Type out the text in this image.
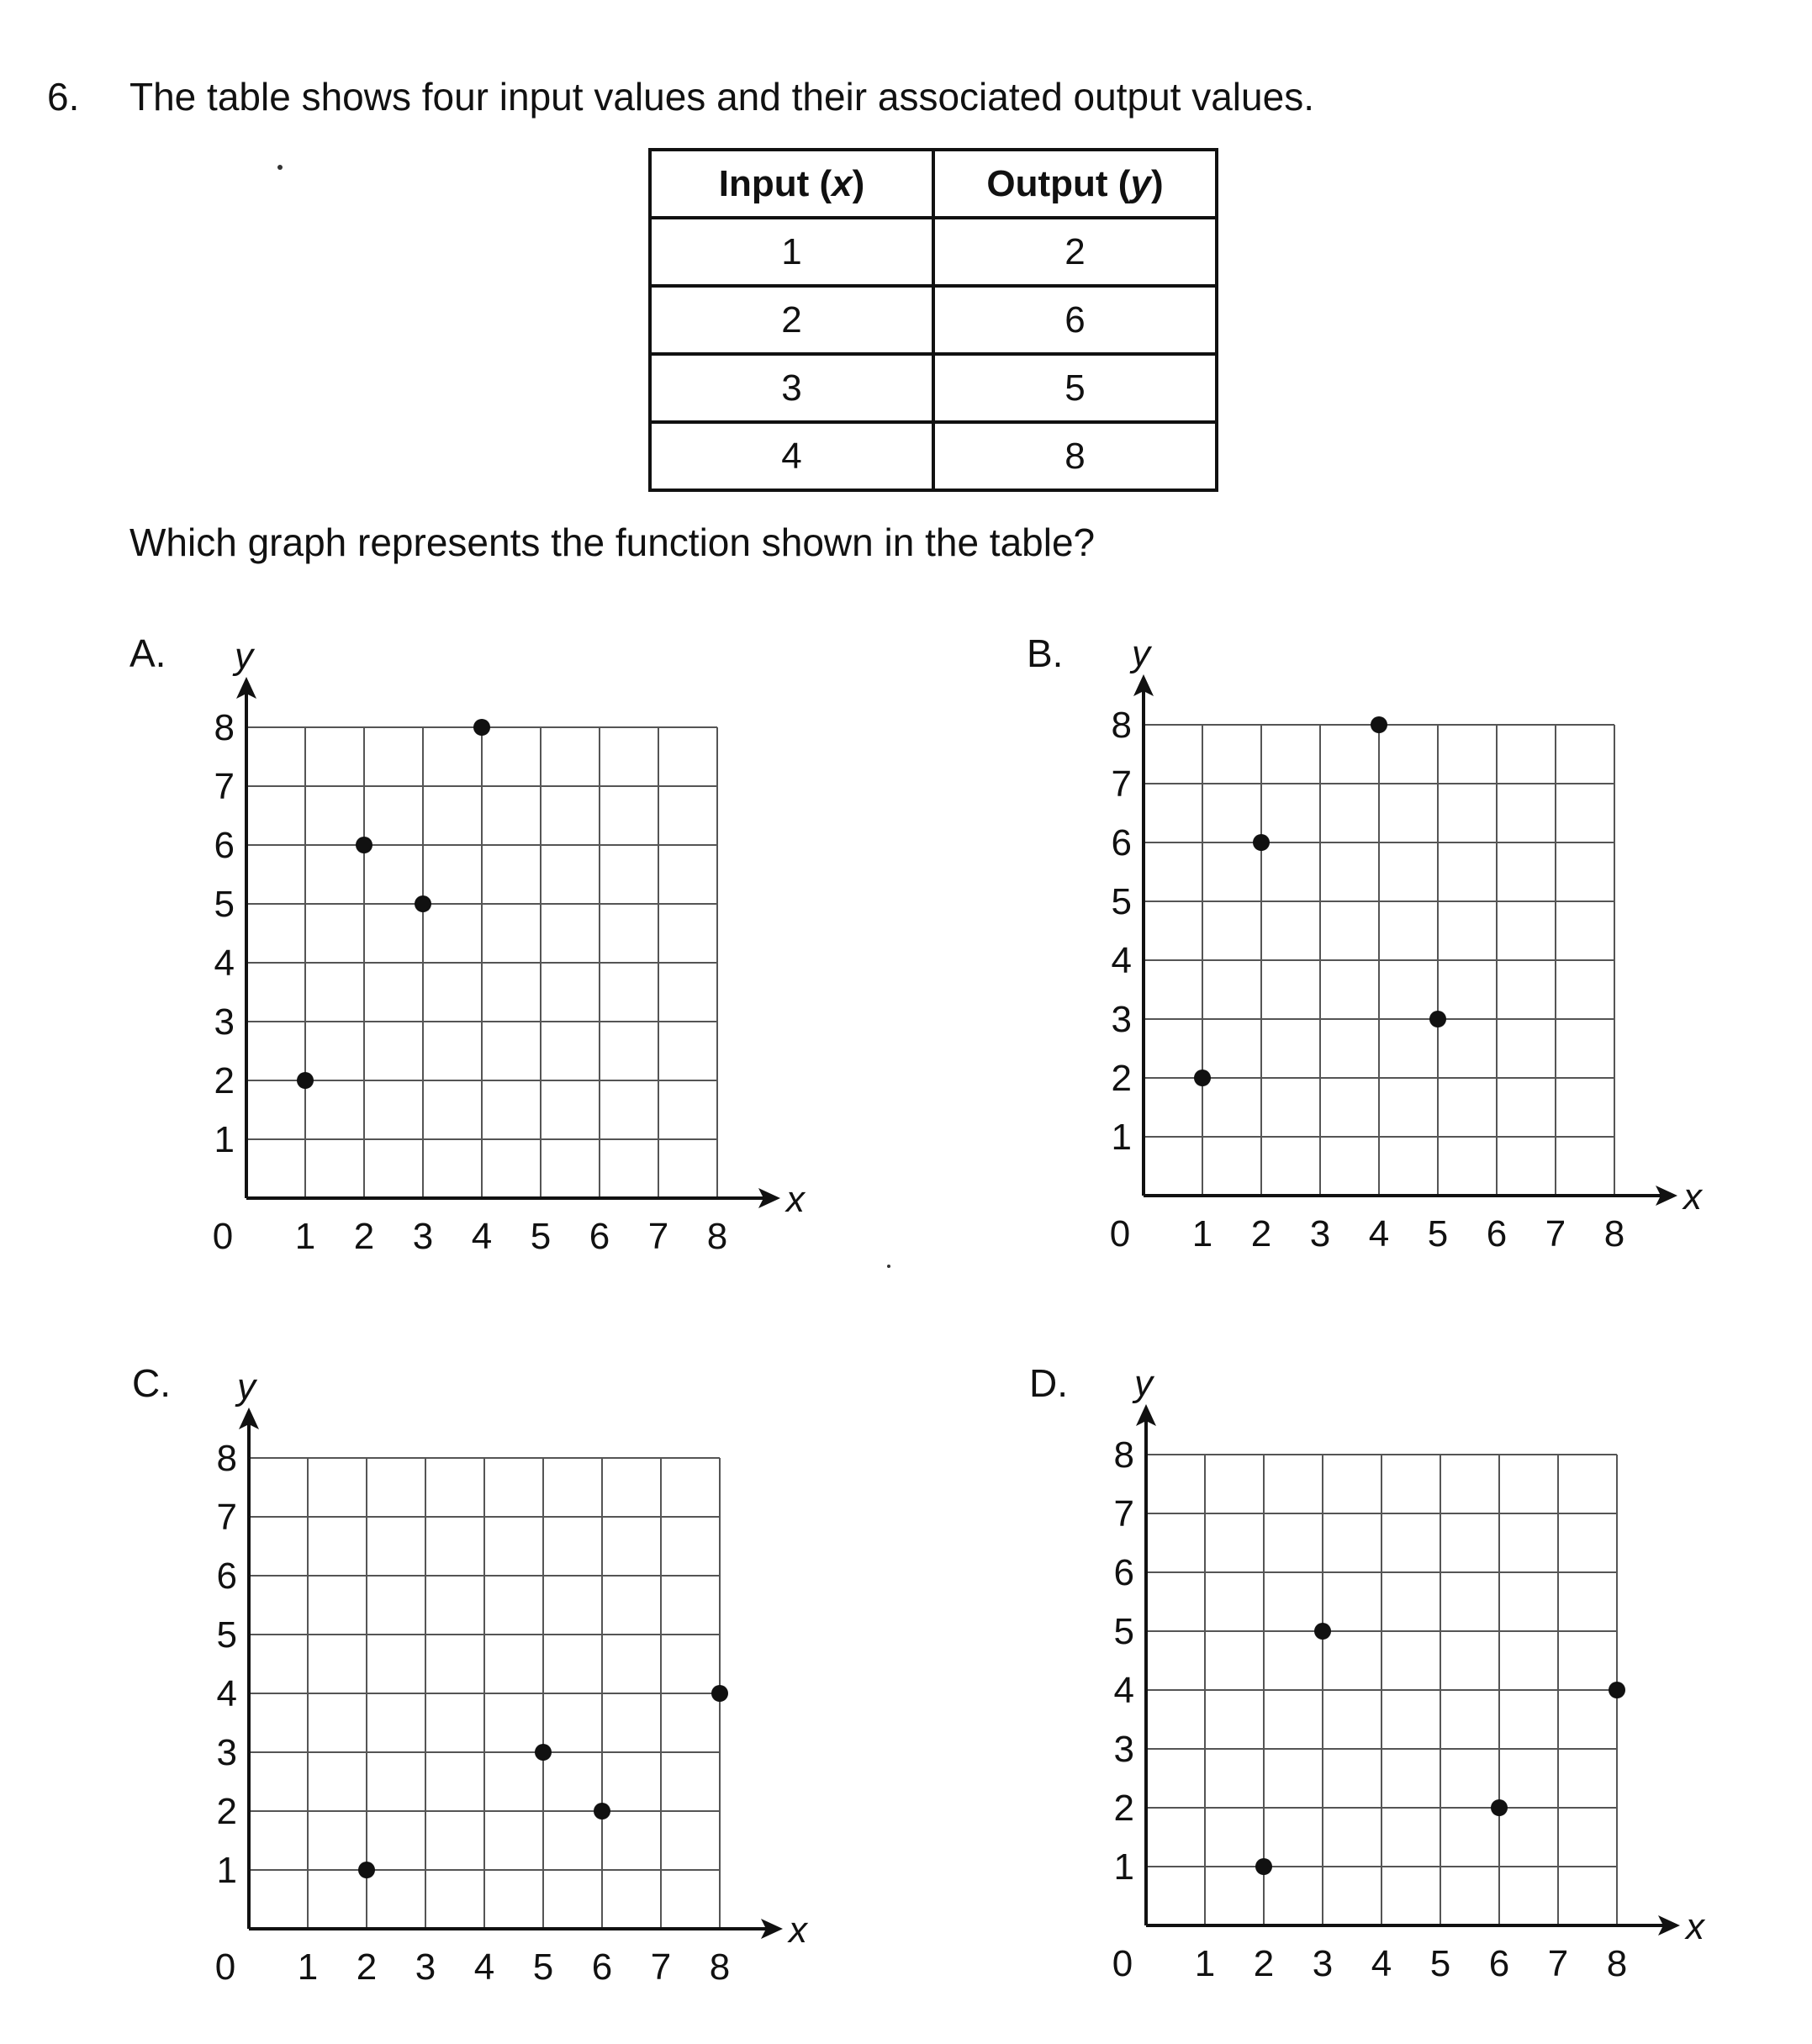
6. The table shows four input values and their associated output values.
Input (x)	Output (y)
1	2
2	6
3	5
4	8
Which graph represents the function shown in the table?
A.	B.
C.	D.
x
y
0 1 2 3 4 5 6 7 8
1
2
3
4
5
6
7
8
x
y
0 1 2 3 4 5 6 7 8
1
2
3
4
5
6
7
8
x
y
0 1 2 3 4 5 6 7 8
1
2
3
4
5
6
7
8
x
y
0 1 2 3 4 5 6 7 8
1
2
3
4
5
6
7
8
